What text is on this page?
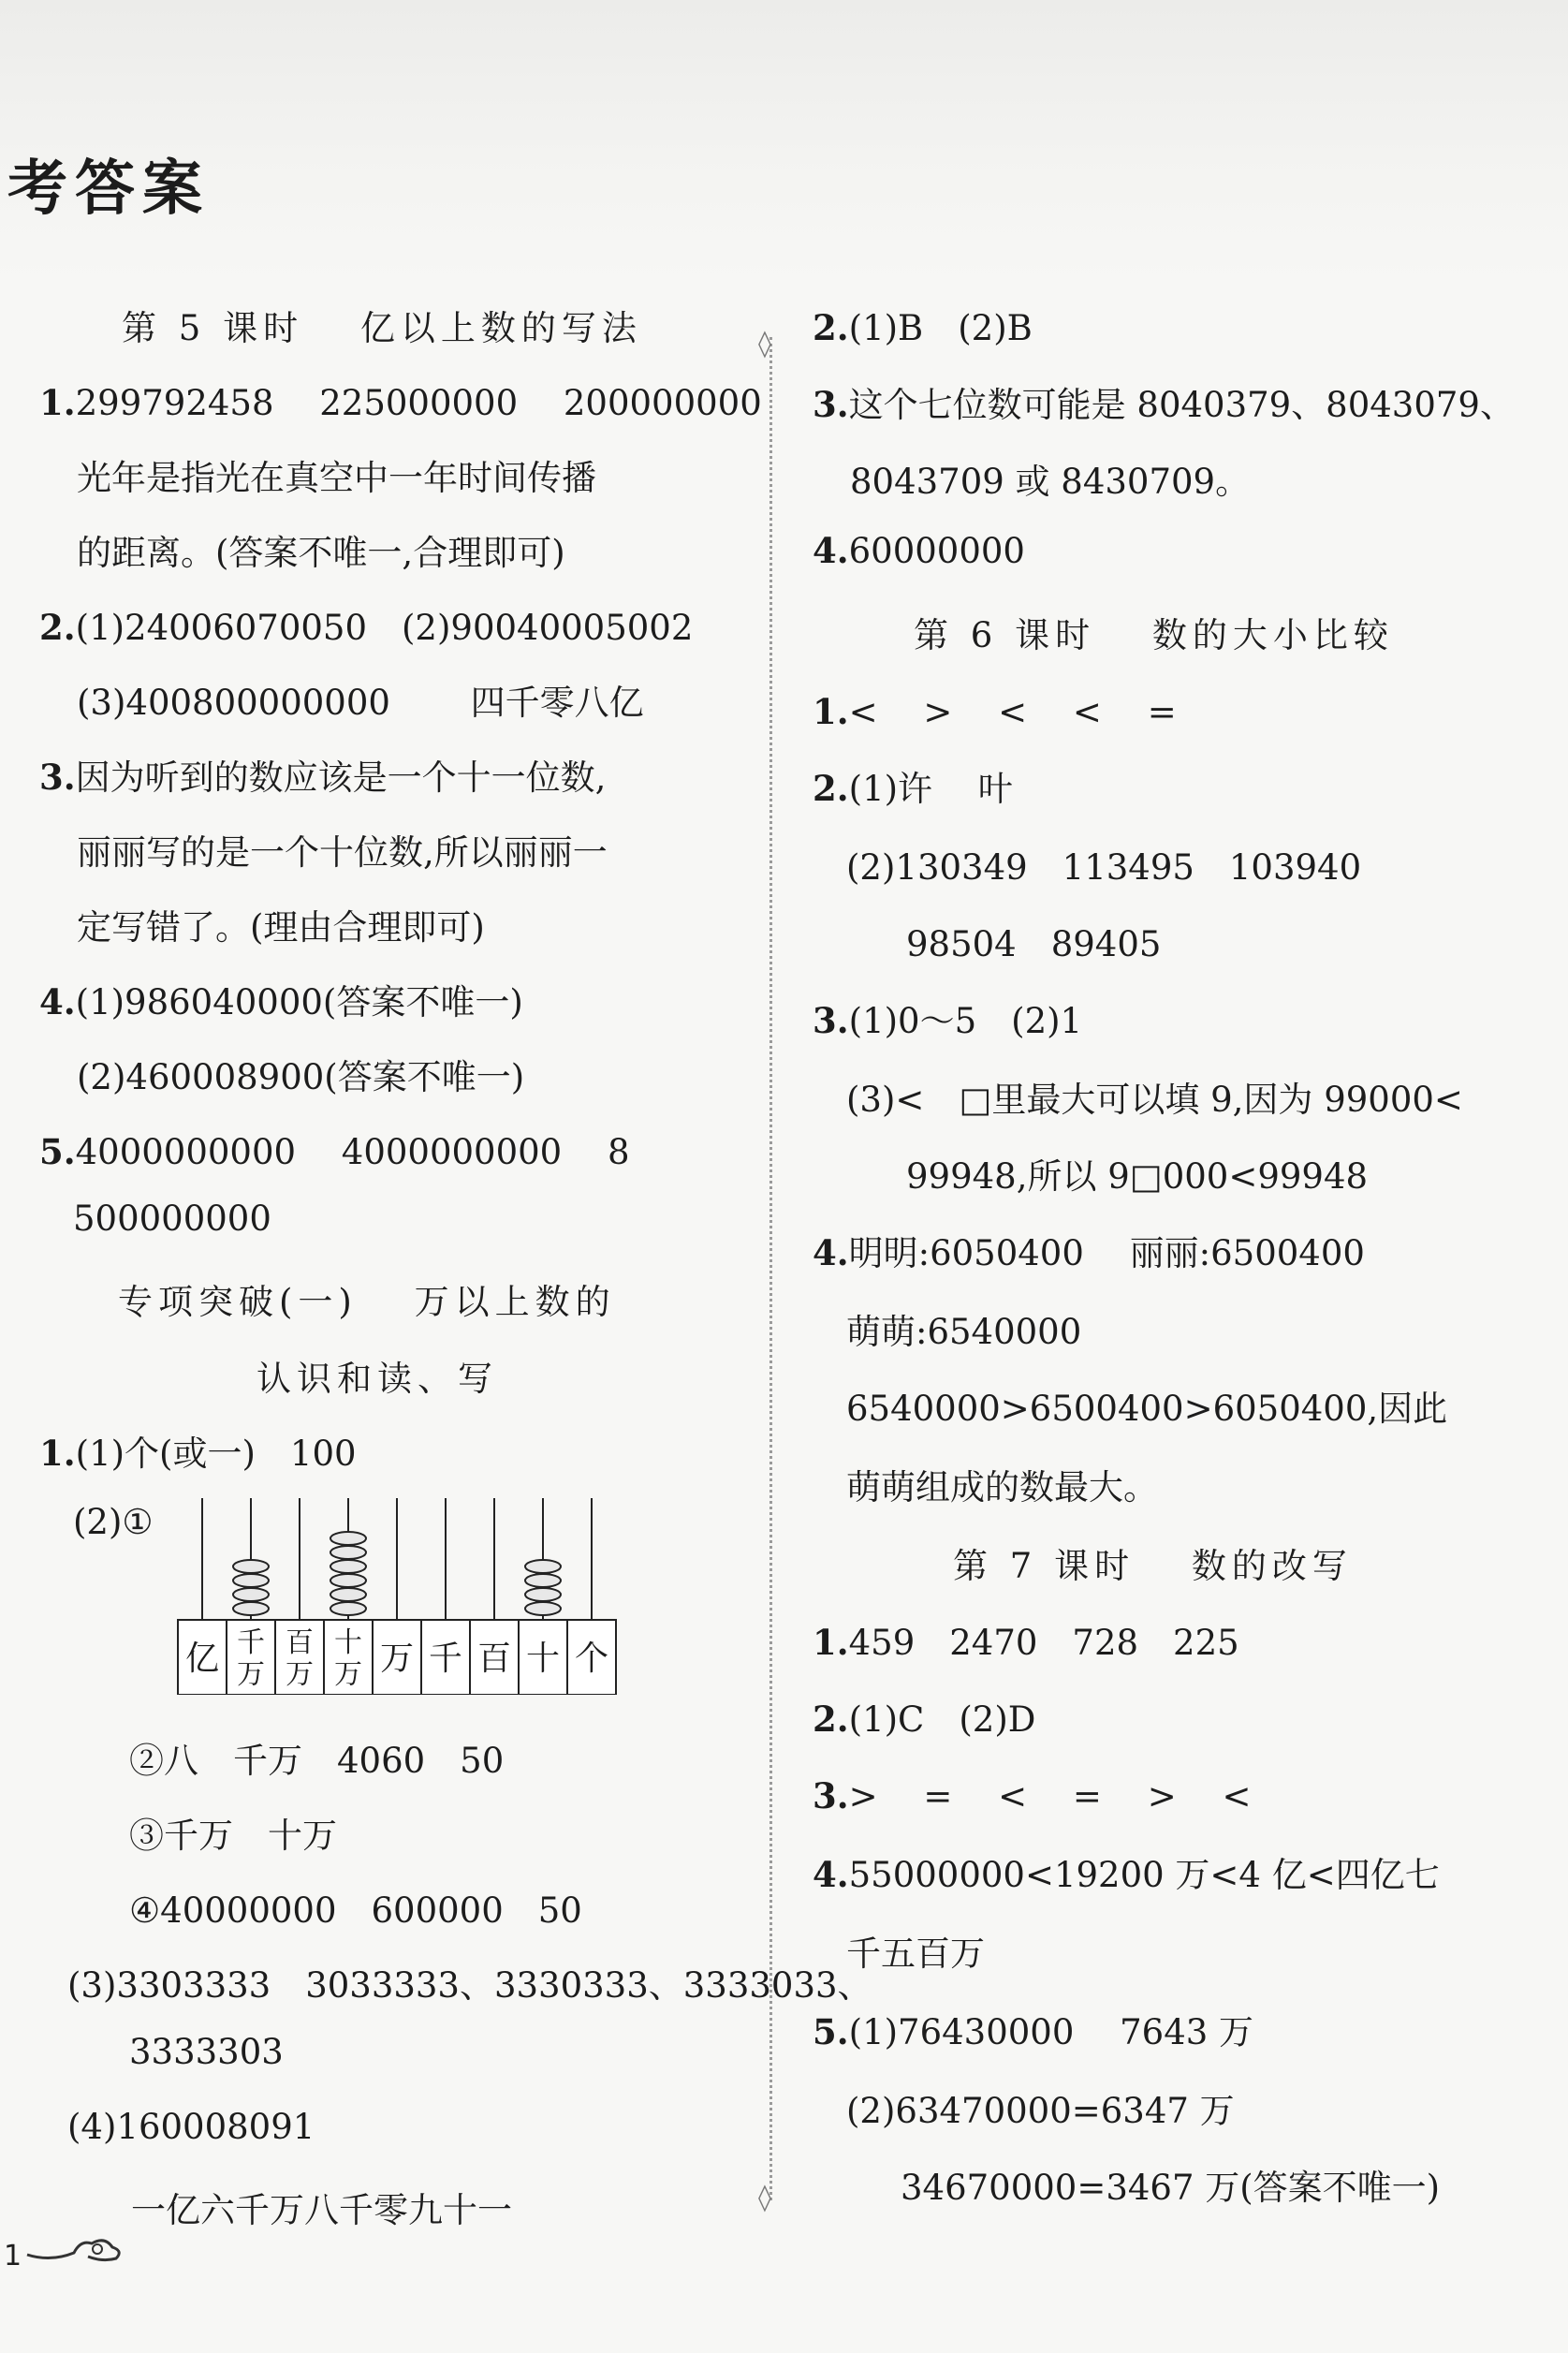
考答案
第 5 课时　 亿以上数的写法
1.299792458　 225000000　 200000000
光年是指光在真空中一年时间传播
的距离。(答案不唯一,合理即可)
2.(1)24006070050　(2)90040005002
(3)400800000000　　 四千零八亿
3.因为听到的数应该是一个十一位数,
丽丽写的是一个十位数,所以丽丽一
定写错了。(理由合理即可)
4.(1)986040000(答案不唯一)
(2)460008900(答案不唯一)
5.4000000000　 4000000000　 8
500000000
专项突破(一)　 万以上数的
认识和读、写
1.(1)个(或一)　100
(2)①
②八　千万　4060　50
③千万　十万
④40000000　600000　50
(3)3303333　3033333、3330333、3333033、
3333303
(4)160008091
一亿六千万八千零九十一
◊
◊
2.(1)B　(2)B
3.这个七位数可能是 8040379、8043079、
8043709 或 8430709。
4.60000000
第 6 课时　 数的大小比较
1.<　 >　 <　 <　 =
2.(1)许　 叶
(2)130349　113495　103940
98504　89405
3.(1)0～5　(2)1
(3)<　□里最大可以填 9,因为 99000<
99948,所以 9□000<99948
4.明明:6050400　 丽丽:6500400
萌萌:6540000
6540000>6500400>6050400,因此
萌萌组成的数最大。
第 7 课时　 数的改写
1.459　2470　728　225
2.(1)C　(2)D
3.>　 =　 <　 =　 >　 <
4.55000000<19200 万<4 亿<四亿七
千五百万
5.(1)76430000　 7643 万
(2)63470000=6347 万
34670000=3467 万(答案不唯一)
亿 千
万
百
万
十
万 万 千 百 十 个
1
